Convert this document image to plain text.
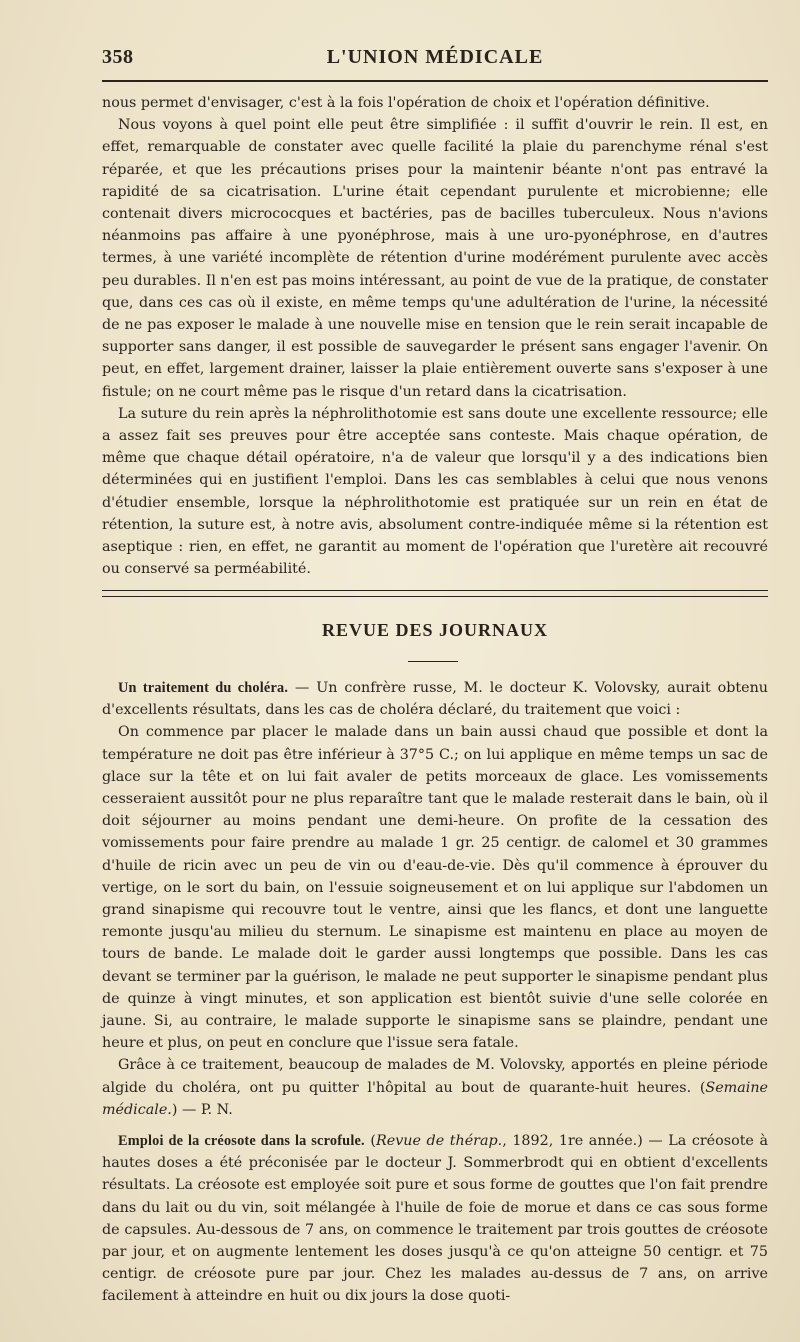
358	L'UNION MÉDICALE

nous permet d'envisager, c'est à la fois l'opération de choix et l'opération définitive.

Nous voyons à quel point elle peut être simplifiée : il suffit d'ouvrir le rein. Il est, en effet, remarquable de constater avec quelle facilité la plaie du parenchyme rénal s'est réparée, et que les précautions prises pour la maintenir béante n'ont pas entravé la rapidité de sa cicatrisation. L'urine était cependant purulente et microbienne; elle contenait divers micrococques et bactéries, pas de bacilles tuberculeux. Nous n'avions néanmoins pas affaire à une pyonéphrose, mais à une uro-pyonéphrose, en d'autres termes, à une variété incomplète de rétention d'urine modérément purulente avec accès peu durables. Il n'en est pas moins intéressant, au point de vue de la pratique, de constater que, dans ces cas où il existe, en même temps qu'une adultération de l'urine, la nécessité de ne pas exposer le malade à une nouvelle mise en tension que le rein serait incapable de supporter sans danger, il est possible de sauvegarder le présent sans engager l'avenir. On peut, en effet, largement drainer, laisser la plaie entièrement ouverte sans s'exposer à une fistule; on ne court même pas le risque d'un retard dans la cicatrisation.

La suture du rein après la néphrolithotomie est sans doute une excellente ressource; elle a assez fait ses preuves pour être acceptée sans conteste. Mais chaque opération, de même que chaque détail opératoire, n'a de valeur que lorsqu'il y a des indications bien déterminées qui en justifient l'emploi. Dans les cas semblables à celui que nous venons d'étudier ensemble, lorsque la néphrolithotomie est pratiquée sur un rein en état de rétention, la suture est, à notre avis, absolument contre-indiquée même si la rétention est aseptique : rien, en effet, ne garantit au moment de l'opération que l'uretère ait recouvré ou conservé sa perméabilité.

REVUE DES JOURNAUX

Un traitement du choléra. — Un confrère russe, M. le docteur K. Volovsky, aurait obtenu d'excellents résultats, dans les cas de choléra déclaré, du traitement que voici :

On commence par placer le malade dans un bain aussi chaud que possible et dont la température ne doit pas être inférieur à 37°5 C.; on lui applique en même temps un sac de glace sur la tête et on lui fait avaler de petits morceaux de glace. Les vomissements cesseraient aussitôt pour ne plus reparaître tant que le malade resterait dans le bain, où il doit séjourner au moins pendant une demi-heure. On profite de la cessation des vomissements pour faire prendre au malade 1 gr. 25 centigr. de calomel et 30 grammes d'huile de ricin avec un peu de vin ou d'eau-de-vie. Dès qu'il commence à éprouver du vertige, on le sort du bain, on l'essuie soigneusement et on lui applique sur l'abdomen un grand sinapisme qui recouvre tout le ventre, ainsi que les flancs, et dont une languette remonte jusqu'au milieu du sternum. Le sinapisme est maintenu en place au moyen de tours de bande. Le malade doit le garder aussi longtemps que possible. Dans les cas devant se terminer par la guérison, le malade ne peut supporter le sinapisme pendant plus de quinze à vingt minutes, et son application est bientôt suivie d'une selle colorée en jaune. Si, au contraire, le malade supporte le sinapisme sans se plaindre, pendant une heure et plus, on peut en conclure que l'issue sera fatale.

Grâce à ce traitement, beaucoup de malades de M. Volovsky, apportés en pleine période algide du choléra, ont pu quitter l'hôpital au bout de quarante-huit heures. (Semaine médicale.) — P. N.

Emploi de la créosote dans la scrofule. (Revue de thérap., 1892, 1re année.) — La créosote à hautes doses a été préconisée par le docteur J. Sommerbrodt qui en obtient d'excellents résultats. La créosote est employée soit pure et sous forme de gouttes que l'on fait prendre dans du lait ou du vin, soit mélangée à l'huile de foie de morue et dans ce cas sous forme de capsules. Au-dessous de 7 ans, on commence le traitement par trois gouttes de créosote par jour, et on augmente lentement les doses jusqu'à ce qu'on atteigne 50 centigr. et 75 centigr. de créosote pure par jour. Chez les malades au-dessus de 7 ans, on arrive facilement à atteindre en huit ou dix jours la dose quoti-
